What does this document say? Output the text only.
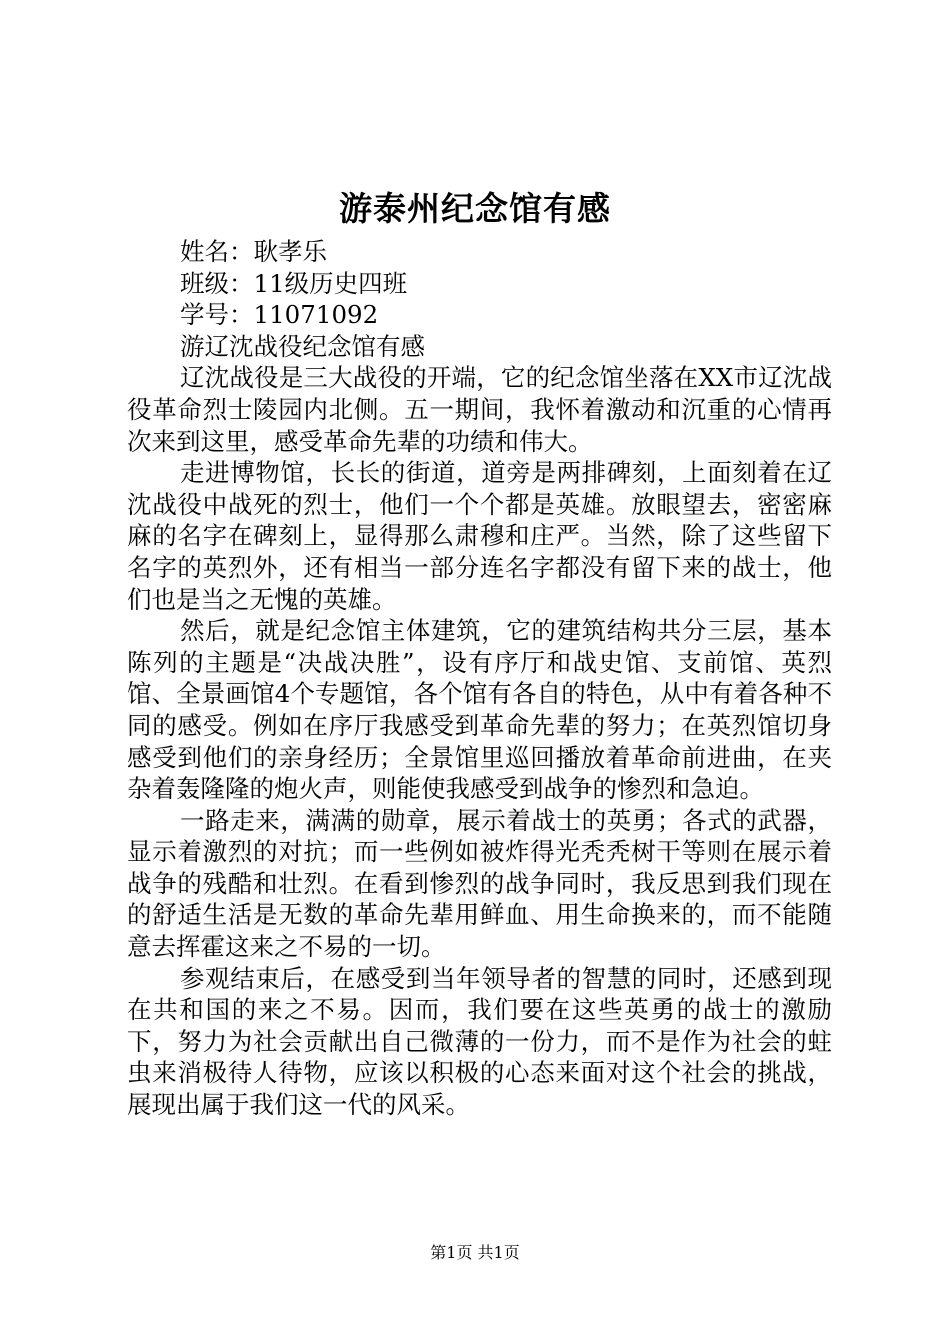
游泰州纪念馆有感
姓名：耿孝乐
班级：11级历史四班
学号：11071092
游辽沈战役纪念馆有感

辽沈战役是三大战役的开端，它的纪念馆坐落在XX市辽沈战役革命烈士陵园内北侧。五一期间，我怀着激动和沉重的心情再次来到这里，感受革命先辈的功绩和伟大。

走进博物馆，长长的街道，道旁是两排碑刻，上面刻着在辽沈战役中战死的烈士，他们一个个都是英雄。放眼望去，密密麻麻的名字在碑刻上，显得那么肃穆和庄严。当然，除了这些留下名字的英烈外，还有相当一部分连名字都没有留下来的战士，他们也是当之无愧的英雄。

然后，就是纪念馆主体建筑，它的建筑结构共分三层，基本陈列的主题是“决战决胜”，设有序厅和战史馆、支前馆、英烈馆、全景画馆4个专题馆，各个馆有各自的特色，从中有着各种不同的感受。例如在序厅我感受到革命先辈的努力；在英烈馆切身感受到他们的亲身经历；全景馆里巡回播放着革命前进曲，在夹杂着轰隆隆的炮火声，则能使我感受到战争的惨烈和急迫。

一路走来，满满的勋章，展示着战士的英勇；各式的武器，显示着激烈的对抗；而一些例如被炸得光秃秃树干等则在展示着战争的残酷和壮烈。在看到惨烈的战争同时，我反思到我们现在的舒适生活是无数的革命先辈用鲜血、用生命换来的，而不能随意去挥霍这来之不易的一切。

参观结束后，在感受到当年领导者的智慧的同时，还感到现在共和国的来之不易。因而，我们要在这些英勇的战士的激励下，努力为社会贡献出自己微薄的一份力，而不是作为社会的蛀虫来消极待人待物，应该以积极的心态来面对这个社会的挑战，展现出属于我们这一代的风采。

第1页 共1页
